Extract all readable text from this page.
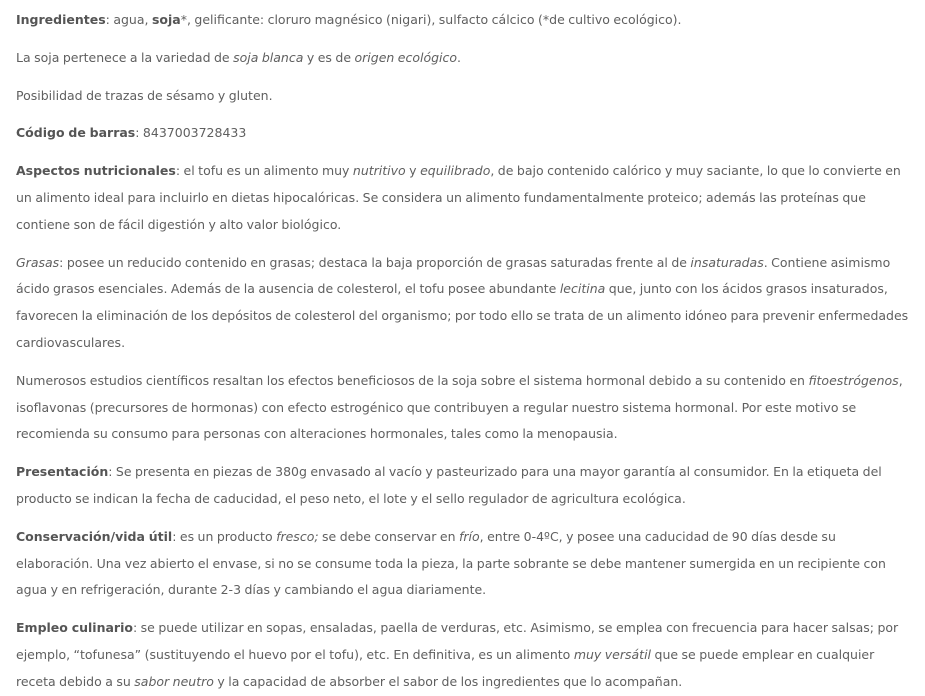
Ingredientes: agua, soja*, gelificante: cloruro magnésico (nigari), sulfacto cálcico (*de cultivo ecológico).

La soja pertenece a la variedad de soja blanca y es de origen ecológico.

Posibilidad de trazas de sésamo y gluten.

Código de barras: 8437003728433

Aspectos nutricionales: el tofu es un alimento muy nutritivo y equilibrado, de bajo contenido calórico y muy saciante, lo que lo convierte en un alimento ideal para incluirlo en dietas hipocalóricas. Se considera un alimento fundamentalmente proteico; además las proteínas que contiene son de fácil digestión y alto valor biológico.

Grasas: posee un reducido contenido en grasas; destaca la baja proporción de grasas saturadas frente al de insaturadas. Contiene asimismo ácido grasos esenciales. Además de la ausencia de colesterol, el tofu posee abundante lecitina que, junto con los ácidos grasos insaturados, favorecen la eliminación de los depósitos de colesterol del organismo; por todo ello se trata de un alimento idóneo para prevenir enfermedades cardiovasculares.

Numerosos estudios científicos resaltan los efectos beneficiosos de la soja sobre el sistema hormonal debido a su contenido en fitoestrógenos, isoflavonas (precursores de hormonas) con efecto estrogénico que contribuyen a regular nuestro sistema hormonal. Por este motivo se recomienda su consumo para personas con alteraciones hormonales, tales como la menopausia.

Presentación: Se presenta en piezas de 380g envasado al vacío y pasteurizado para una mayor garantía al consumidor. En la etiqueta del producto se indican la fecha de caducidad, el peso neto, el lote y el sello regulador de agricultura ecológica.

Conservación/vida útil: es un producto fresco; se debe conservar en frío, entre 0-4ºC, y posee una caducidad de 90 días desde su elaboración. Una vez abierto el envase, si no se consume toda la pieza, la parte sobrante se debe mantener sumergida en un recipiente con agua y en refrigeración, durante 2-3 días y cambiando el agua diariamente.

Empleo culinario: se puede utilizar en sopas, ensaladas, paella de verduras, etc. Asimismo, se emplea con frecuencia para hacer salsas; por ejemplo, “tofunesa” (sustituyendo el huevo por el tofu), etc. En definitiva, es un alimento muy versátil que se puede emplear en cualquier receta debido a su sabor neutro y la capacidad de absorber el sabor de los ingredientes que lo acompañan.
